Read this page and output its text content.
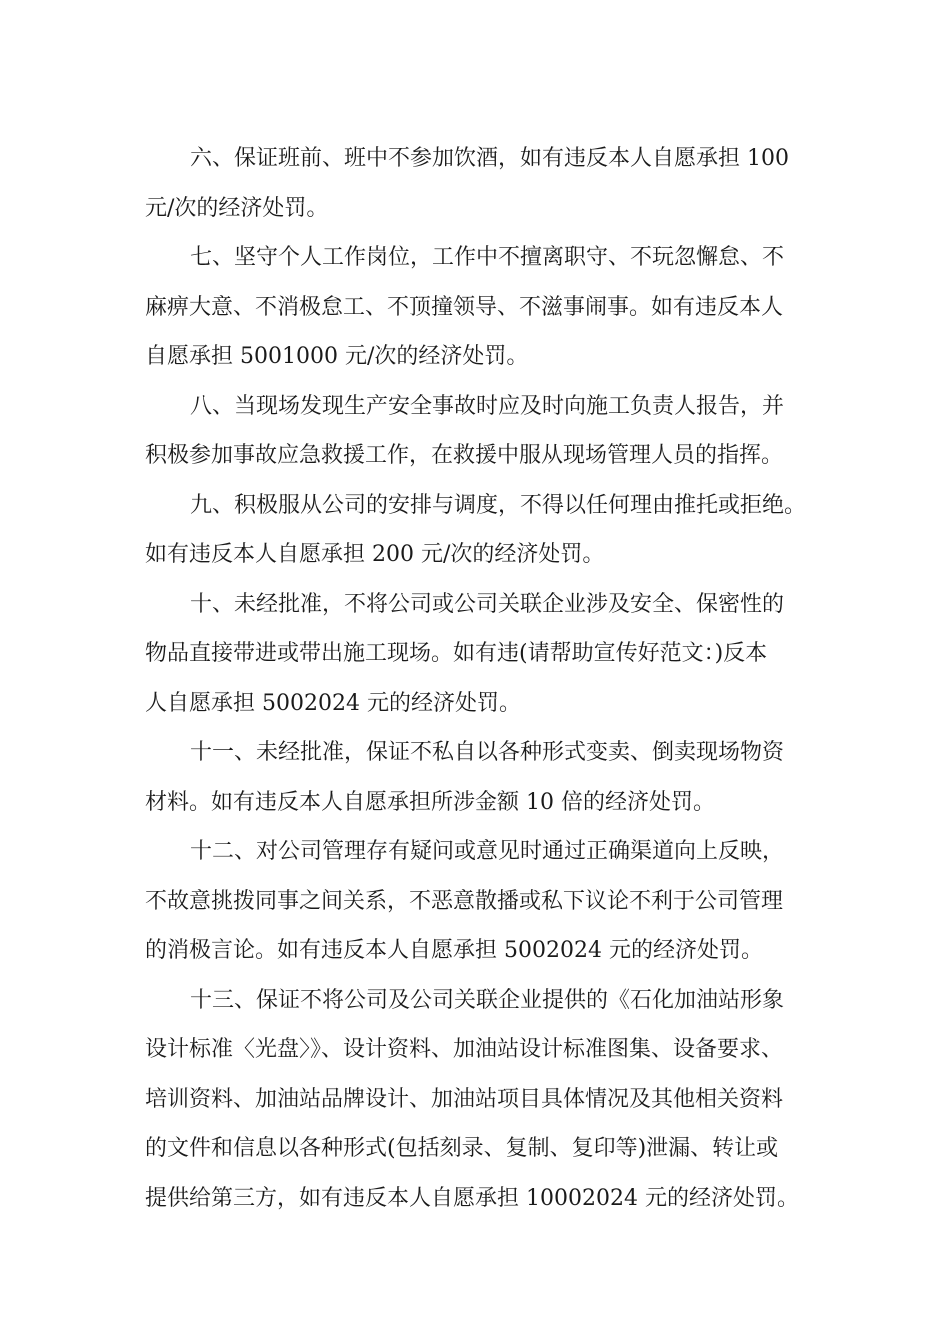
六、保证班前、班中不参加饮酒，如有违反本人自愿承担 100
元/次的经济处罚。

七、坚守个人工作岗位，工作中不擅离职守、不玩忽懈怠、不
麻痹大意、不消极怠工、不顶撞领导、不滋事闹事。如有违反本人
自愿承担 5001000 元/次的经济处罚。

八、当现场发现生产安全事故时应及时向施工负责人报告，并
积极参加事故应急救援工作，在救援中服从现场管理人员的指挥。

九、积极服从公司的安排与调度，不得以任何理由推托或拒绝。
如有违反本人自愿承担 200 元/次的经济处罚。

十、未经批准，不将公司或公司关联企业涉及安全、保密性的
物品直接带进或带出施工现场。如有违(请帮助宣传好范文：)反本
人自愿承担 5002024 元的经济处罚。

十一、未经批准，保证不私自以各种形式变卖、倒卖现场物资
材料。如有违反本人自愿承担所涉金额 10 倍的经济处罚。

十二、对公司管理存有疑问或意见时通过正确渠道向上反映，
不故意挑拨同事之间关系，不恶意散播或私下议论不利于公司管理
的消极言论。如有违反本人自愿承担 5002024 元的经济处罚。

十三、保证不将公司及公司关联企业提供的《石化加油站形象
设计标准〈光盘〉》、设计资料、加油站设计标准图集、设备要求、
培训资料、加油站品牌设计、加油站项目具体情况及其他相关资料
的文件和信息以各种形式(包括刻录、复制、复印等)泄漏、转让或
提供给第三方，如有违反本人自愿承担 10002024 元的经济处罚。
